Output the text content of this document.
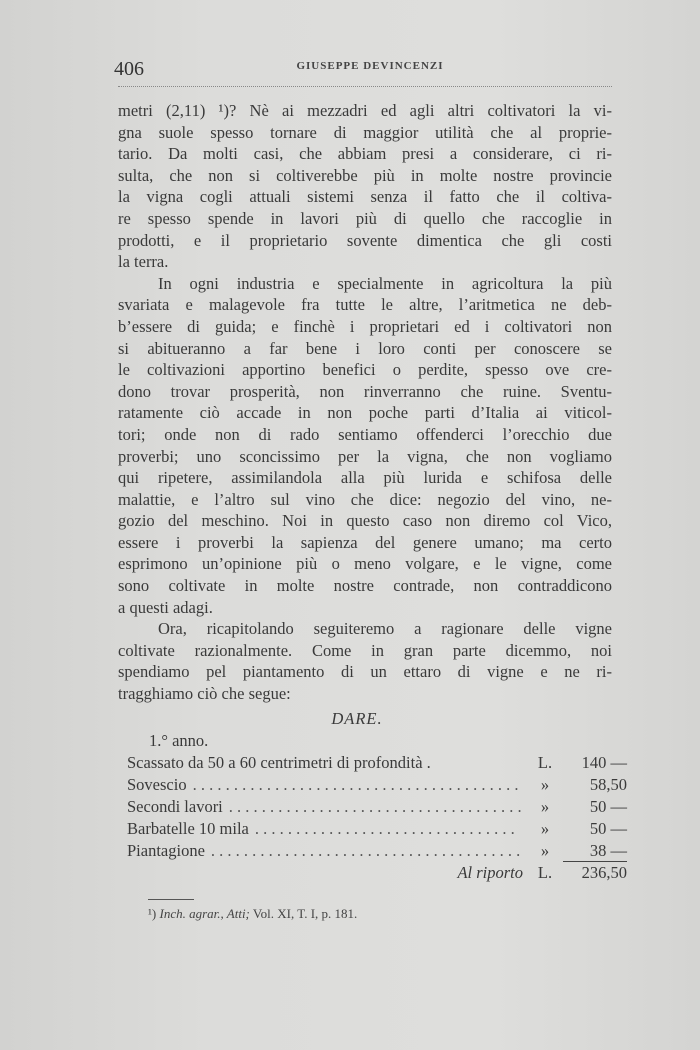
406	GIUSEPPE DEVINCENZI
metri (2,11) ¹)? Nè ai mezzadri ed agli altri coltivatori la vi-
gna suole spesso tornare di maggior utilità che al proprie-
tario. Da molti casi, che abbiam presi a considerare, ci ri-
sulta, che non si coltiverebbe più in molte nostre provincie
la vigna cogli attuali sistemi senza il fatto che il coltiva-
re spesso spende in lavori più di quello che raccoglie in
prodotti, e il proprietario sovente dimentica che gli costi
la terra.
In ogni industria e specialmente in agricoltura la più
svariata e malagevole fra tutte le altre, l’aritmetica ne deb-
b’essere di guida; e finchè i proprietari ed i coltivatori non
si abitueranno a far bene i loro conti per conoscere se
le coltivazioni apportino benefici o perdite, spesso ove cre-
dono trovar prosperità, non rinverranno che ruine. Sventu-
ratamente ciò accade in non poche parti d’Italia ai viticol-
tori; onde non di rado sentiamo offenderci l’orecchio due
proverbi; uno sconcissimo per la vigna, che non vogliamo
qui ripetere, assimilandola alla più lurida e schifosa delle
malattie, e l’altro sul vino che dice: negozio del vino, ne-
gozio del meschino. Noi in questo caso non diremo col Vico,
essere i proverbi la sapienza del genere umano; ma certo
esprimono un’opinione più o meno volgare, e le vigne, come
sono coltivate in molte nostre contrade, non contraddicono
a questi adagi.
Ora, ricapitolando seguiteremo a ragionare delle vigne
coltivate razionalmente. Come in gran parte dicemmo, noi
spendiamo pel piantamento di un ettaro di vigne e ne ri-
tragghiamo ciò che segue:
DARE.
1.° anno.
Scassato da 50 a 60 centrimetri di profondità .	L.	140 —
Sovescio . . . . . . . . . . . . . . . . . . . . . . . . . . . . . . . . . . . . . . . .	»	58,50
Secondi lavori . . . . . . . . . . . . . . . . . . . . . . . . . . . . . . . . . . . .	»	50 —
Barbatelle 10 mila . . . . . . . . . . . . . . . . . . . . . . . . . . . . . . . .	»	50 —
Piantagione . . . . . . . . . . . . . . . . . . . . . . . . . . . . . . . . . . . . . .	»	38 —
Al riporto L.	236,50
¹) Inch. agrar., Atti; Vol. XI, T. I, p. 181.
